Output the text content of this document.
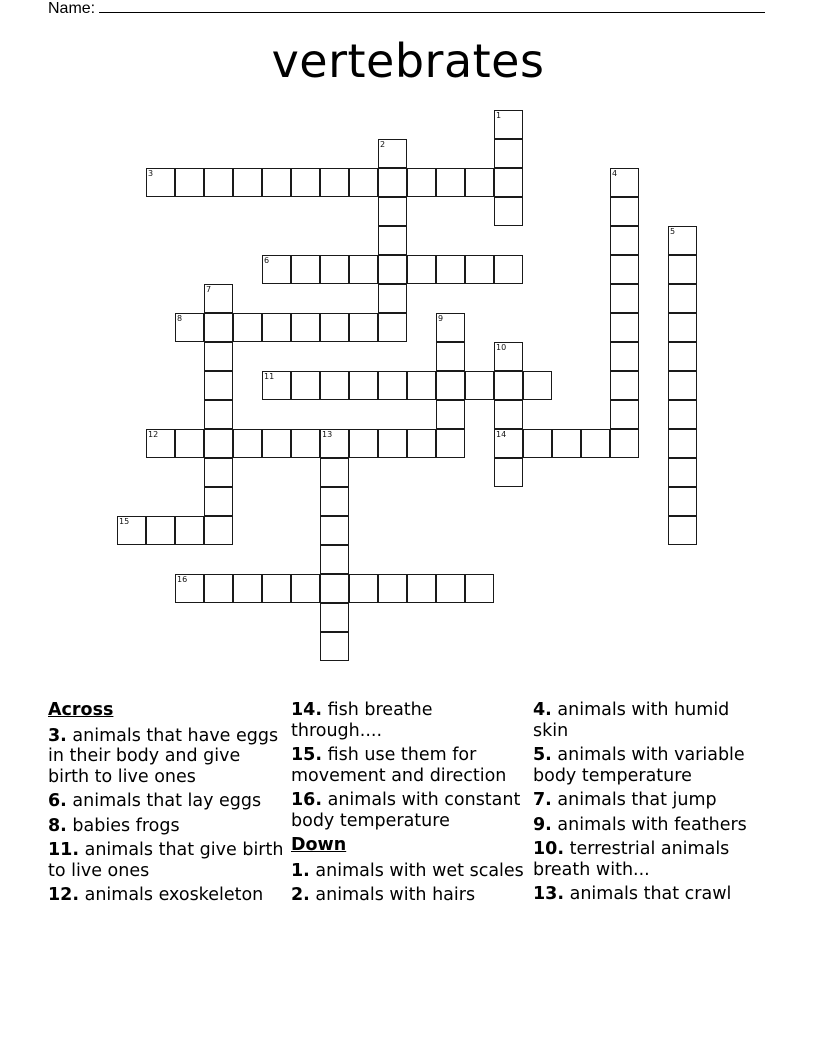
Name:
vertebrates
1
2
3	4
5
6
7
8	9
10
14
11
12	13
15
16
Across
3. animals that have eggs in their body and give birth to live ones
6. animals that lay eggs
8. babies frogs
11. animals that give birth to live ones
12. animals exoskeleton
14. fish breathe through....
15. fish use them for movement and direction
16. animals with constant body temperature
Down
1. animals with wet scales
2. animals with hairs
4. animals with humid skin
5. animals with variable body temperature
7. animals that jump
9. animals with feathers
10. terrestrial animals breath with...
13. animals that crawl
